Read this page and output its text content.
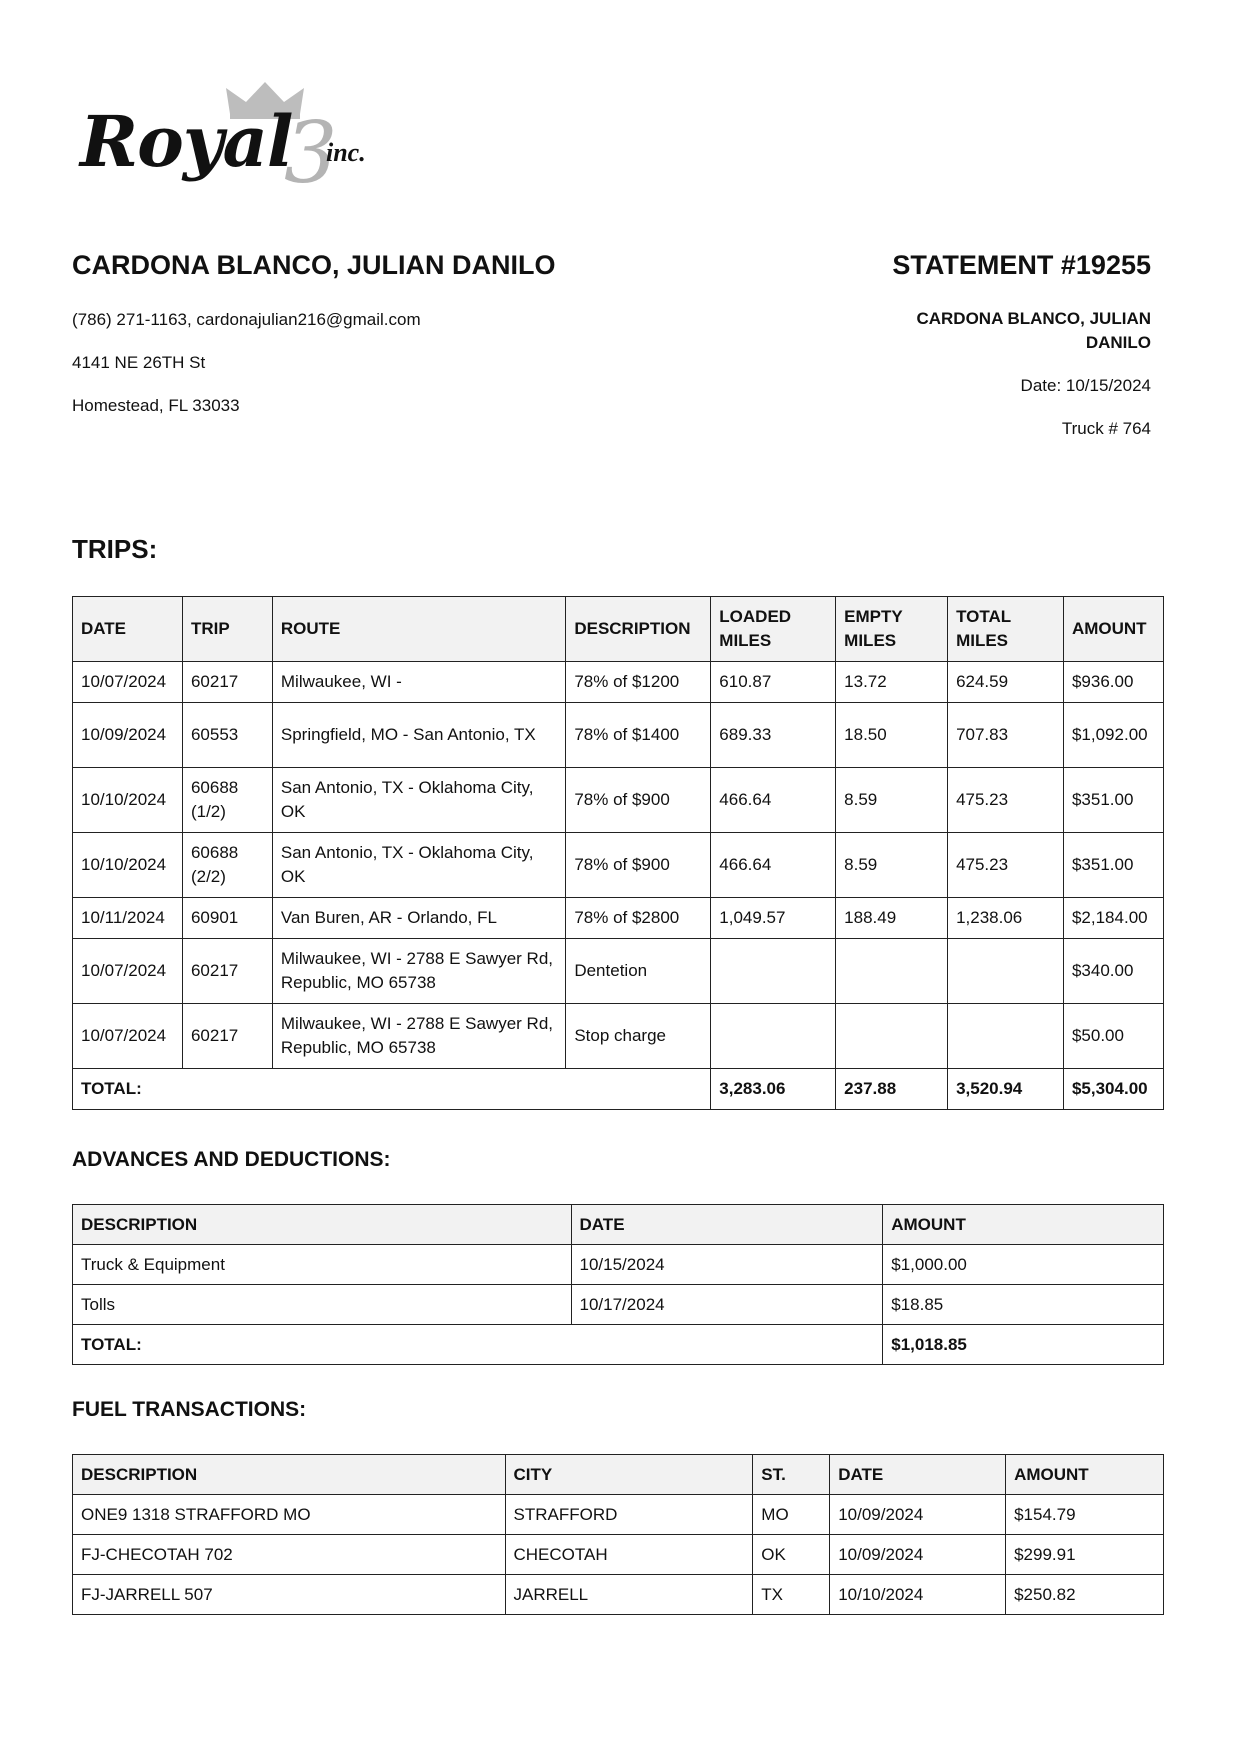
Royal
3
inc.
CARDONA BLANCO, JULIAN DANILO	STATEMENT #19255
(786) 271-1163, cardonajulian216@gmail.com
4141 NE 26TH St
Homestead, FL 33033
CARDONA BLANCO, JULIAN
DANILO
Date: 10/15/2024
Truck # 764
TRIPS:
DATE	TRIP	ROUTE	DESCRIPTION	LOADED MILES	EMPTY MILES	TOTAL MILES	AMOUNT
10/07/2024	60217	Milwaukee, WI -	78% of $1200	610.87	13.72	624.59	$936.00
10/09/2024	60553	Springfield, MO - San Antonio, TX	78% of $1400	689.33	18.50	707.83	$1,092.00
10/10/2024	60688 (1/2)	San Antonio, TX - Oklahoma City, OK	78% of $900	466.64	8.59	475.23	$351.00
10/10/2024	60688 (2/2)	San Antonio, TX - Oklahoma City, OK	78% of $900	466.64	8.59	475.23	$351.00
10/11/2024	60901	Van Buren, AR - Orlando, FL	78% of $2800	1,049.57	188.49	1,238.06	$2,184.00
10/07/2024	60217	Milwaukee, WI - 2788 E Sawyer Rd, Republic, MO 65738	Dentetion				$340.00
10/07/2024	60217	Milwaukee, WI - 2788 E Sawyer Rd, Republic, MO 65738	Stop charge				$50.00
TOTAL:				3,283.06	237.88	3,520.94	$5,304.00
ADVANCES AND DEDUCTIONS:
DESCRIPTION	DATE	AMOUNT
Truck & Equipment	10/15/2024	$1,000.00
Tolls	10/17/2024	$18.85
TOTAL:		$1,018.85
FUEL TRANSACTIONS:
DESCRIPTION	CITY	ST.	DATE	AMOUNT
ONE9 1318 STRAFFORD MO	STRAFFORD	MO	10/09/2024	$154.79
FJ-CHECOTAH 702	CHECOTAH	OK	10/09/2024	$299.91
FJ-JARRELL 507	JARRELL	TX	10/10/2024	$250.82
